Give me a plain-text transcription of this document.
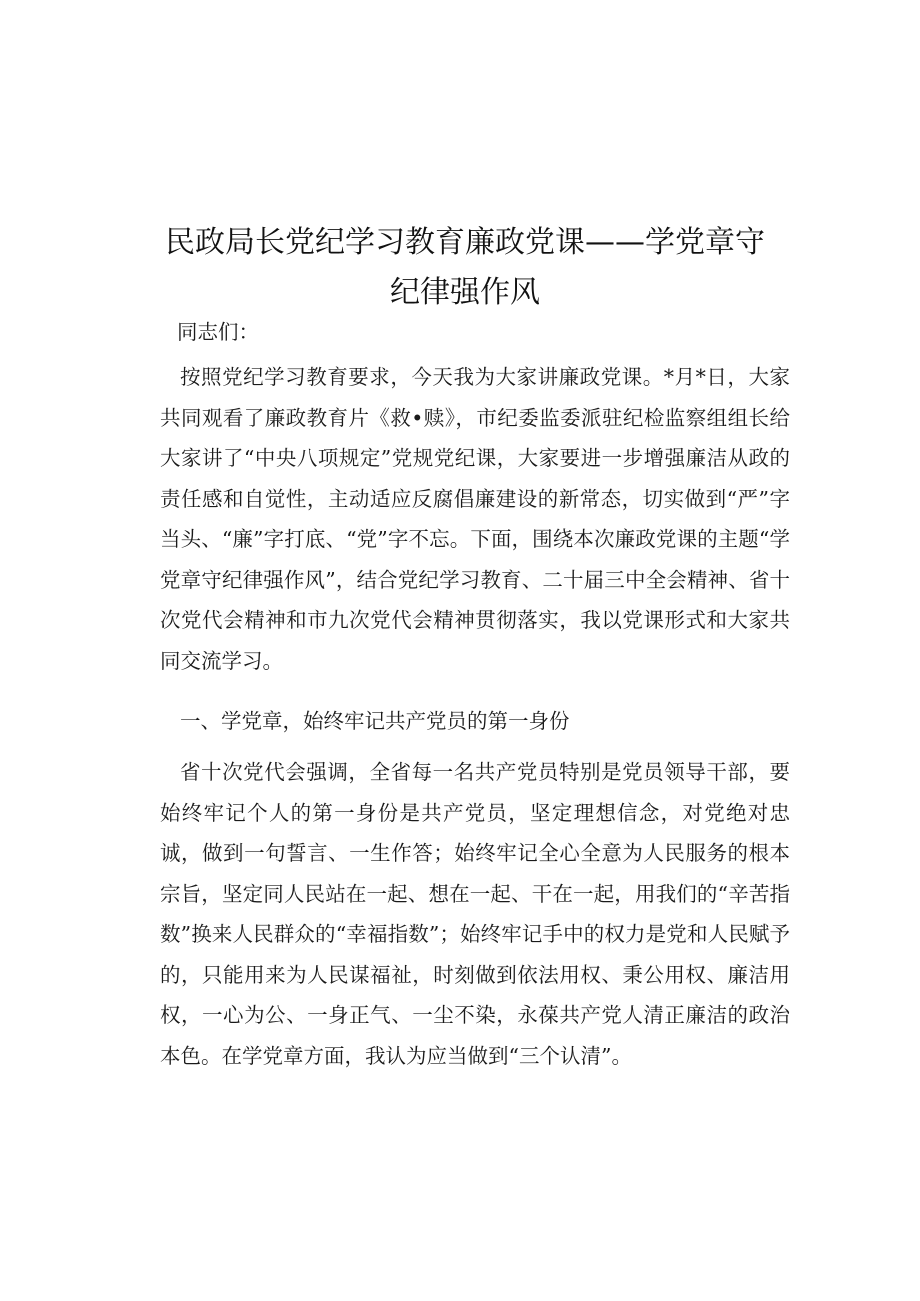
民政局长党纪学习教育廉政党课——学党章守
纪律强作风
同志们：
按照党纪学习教育要求，今天我为大家讲廉政党课。*月*日，大家共同观看了廉政教育片《救•赎》，市纪委监委派驻纪检监察组组长给大家讲了“中央八项规定”党规党纪课，大家要进一步增强廉洁从政的责任感和自觉性，主动适应反腐倡廉建设的新常态，切实做到“严”字当头、“廉”字打底、“党”字不忘。下面，围绕本次廉政党课的主题“学党章守纪律强作风”，结合党纪学习教育、二十届三中全会精神、省十次党代会精神和市九次党代会精神贯彻落实，我以党课形式和大家共同交流学习。
一、学党章，始终牢记共产党员的第一身份
省十次党代会强调，全省每一名共产党员特别是党员领导干部，要始终牢记个人的第一身份是共产党员，坚定理想信念，对党绝对忠诚，做到一句誓言、一生作答；始终牢记全心全意为人民服务的根本宗旨，坚定同人民站在一起、想在一起、干在一起，用我们的“辛苦指数”换来人民群众的“幸福指数”；始终牢记手中的权力是党和人民赋予的，只能用来为人民谋福祉，时刻做到依法用权、秉公用权、廉洁用权，一心为公、一身正气、一尘不染，永葆共产党人清正廉洁的政治本色。在学党章方面，我认为应当做到“三个认清”。
